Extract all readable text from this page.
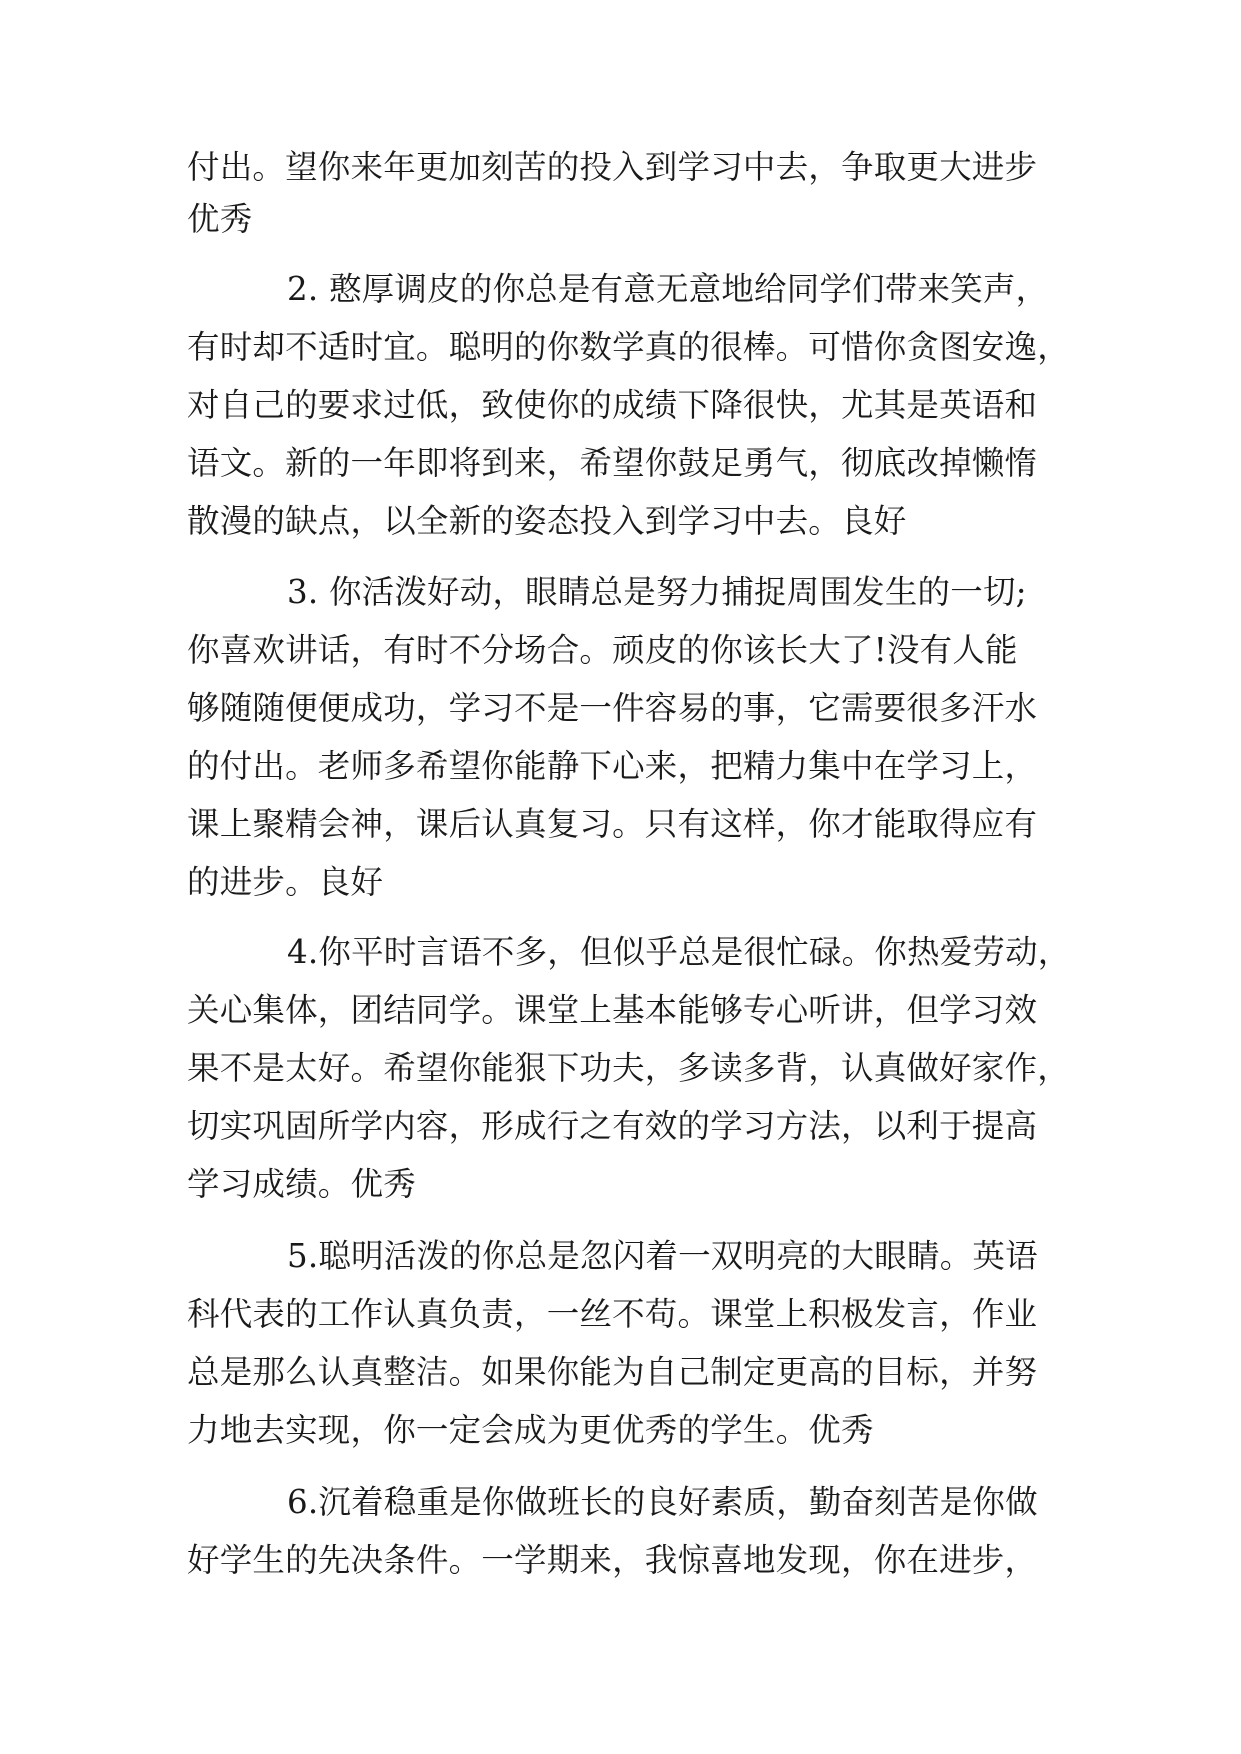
付出。望你来年更加刻苦的投入到学习中去，争取更大进步
优秀
2. 憨厚调皮的你总是有意无意地给同学们带来笑声，
有时却不适时宜。聪明的你数学真的很棒。可惜你贪图安逸，
对自己的要求过低，致使你的成绩下降很快，尤其是英语和
语文。新的一年即将到来，希望你鼓足勇气，彻底改掉懒惰
散漫的缺点，以全新的姿态投入到学习中去。良好
3. 你活泼好动，眼睛总是努力捕捉周围发生的一切;
你喜欢讲话，有时不分场合。顽皮的你该长大了!没有人能
够随随便便成功，学习不是一件容易的事，它需要很多汗水
的付出。老师多希望你能静下心来，把精力集中在学习上，
课上聚精会神，课后认真复习。只有这样，你才能取得应有
的进步。良好
4.你平时言语不多，但似乎总是很忙碌。你热爱劳动，
关心集体，团结同学。课堂上基本能够专心听讲，但学习效
果不是太好。希望你能狠下功夫，多读多背，认真做好家作，
切实巩固所学内容，形成行之有效的学习方法，以利于提高
学习成绩。优秀
5.聪明活泼的你总是忽闪着一双明亮的大眼睛。英语
科代表的工作认真负责，一丝不苟。课堂上积极发言，作业
总是那么认真整洁。如果你能为自己制定更高的目标，并努
力地去实现，你一定会成为更优秀的学生。优秀
6.沉着稳重是你做班长的良好素质，勤奋刻苦是你做
好学生的先决条件。一学期来，我惊喜地发现，你在进步，
